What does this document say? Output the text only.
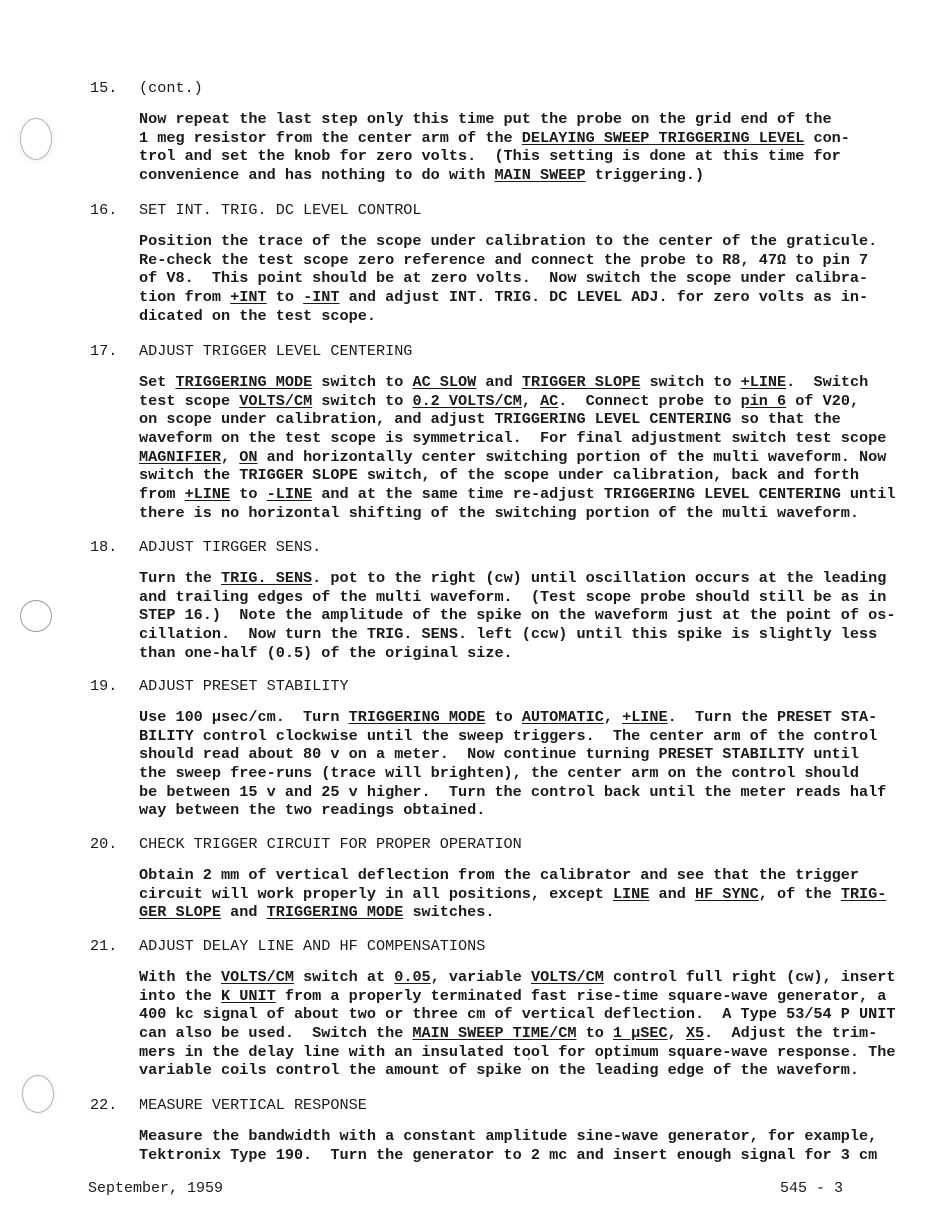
15. (cont.)
Now repeat the last step only this time put the probe on the grid end of the
1 meg resistor from the center arm of the DELAYING SWEEP TRIGGERING LEVEL con-
trol and set the knob for zero volts.  (This setting is done at this time for
convenience and has nothing to do with MAIN SWEEP triggering.)
16. SET INT. TRIG. DC LEVEL CONTROL
Position the trace of the scope under calibration to the center of the graticule.
Re-check the test scope zero reference and connect the probe to R8, 47Ω to pin 7
of V8.  This point should be at zero volts.  Now switch the scope under calibra-
tion from +INT to -INT and adjust INT. TRIG. DC LEVEL ADJ. for zero volts as in-
dicated on the test scope.
17. ADJUST TRIGGER LEVEL CENTERING
Set TRIGGERING MODE switch to AC SLOW and TRIGGER SLOPE switch to +LINE.  Switch
test scope VOLTS/CM switch to 0.2 VOLTS/CM, AC.  Connect probe to pin 6 of V20,
on scope under calibration, and adjust TRIGGERING LEVEL CENTERING so that the
waveform on the test scope is symmetrical.  For final adjustment switch test scope
MAGNIFIER, ON and horizontally center switching portion of the multi waveform. Now
switch the TRIGGER SLOPE switch, of the scope under calibration, back and forth
from +LINE to -LINE and at the same time re-adjust TRIGGERING LEVEL CENTERING until
there is no horizontal shifting of the switching portion of the multi waveform.
18. ADJUST TIRGGER SENS.
Turn the TRIG. SENS. pot to the right (cw) until oscillation occurs at the leading
and trailing edges of the multi waveform.  (Test scope probe should still be as in
STEP 16.)  Note the amplitude of the spike on the waveform just at the point of os-
cillation.  Now turn the TRIG. SENS. left (ccw) until this spike is slightly less
than one-half (0.5) of the original size.
19. ADJUST PRESET STABILITY
Use 100 μsec/cm.  Turn TRIGGERING MODE to AUTOMATIC, +LINE.  Turn the PRESET STA-
BILITY control clockwise until the sweep triggers.  The center arm of the control
should read about 80 v on a meter.  Now continue turning PRESET STABILITY until
the sweep free-runs (trace will brighten), the center arm on the control should
be between 15 v and 25 v higher.  Turn the control back until the meter reads half
way between the two readings obtained.
20. CHECK TRIGGER CIRCUIT FOR PROPER OPERATION
Obtain 2 mm of vertical deflection from the calibrator and see that the trigger
circuit will work properly in all positions, except LINE and HF SYNC, of the TRIG-
GER SLOPE and TRIGGERING MODE switches.
21. ADJUST DELAY LINE AND HF COMPENSATIONS
With the VOLTS/CM switch at 0.05, variable VOLTS/CM control full right (cw), insert
into the K UNIT from a properly terminated fast rise-time square-wave generator, a
400 kc signal of about two or three cm of vertical deflection.  A Type 53/54 P UNIT
can also be used.  Switch the MAIN SWEEP TIME/CM to 1 μSEC, X5.  Adjust the trim-
mers in the delay line with an insulated tool for optimum square-wave response. The
variable coils control the amount of spike on the leading edge of the waveform.
22. MEASURE VERTICAL RESPONSE
Measure the bandwidth with a constant amplitude sine-wave generator, for example,
Tektronix Type 190.  Turn the generator to 2 mc and insert enough signal for 3 cm
September, 1959	545 - 3
